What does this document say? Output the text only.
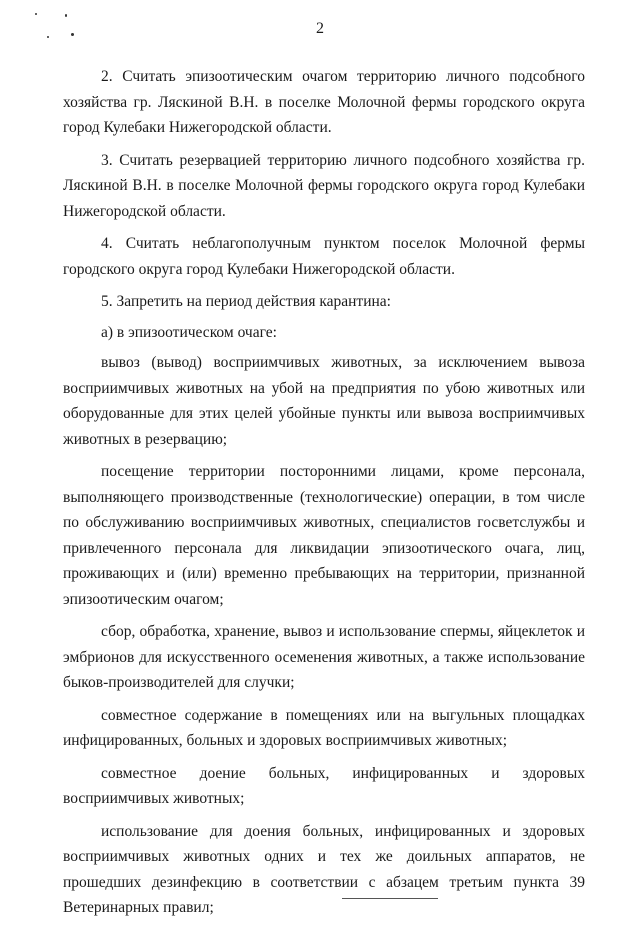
2

2. Считать эпизоотическим очагом территорию личного подсобного хозяйства гр. Ляскиной В.Н. в поселке Молочной фермы городского округа город Кулебаки Нижегородской области.

3. Считать резервацией территорию личного подсобного хозяйства гр. Ляскиной В.Н. в поселке Молочной фермы городского округа город Кулебаки Нижегородской области.

4. Считать неблагополучным пунктом поселок Молочной фермы городского округа город Кулебаки Нижегородской области.

5. Запретить на период действия карантина:

а) в эпизоотическом очаге:

вывоз (вывод) восприимчивых животных, за исключением вывоза восприимчивых животных на убой на предприятия по убою животных или оборудованные для этих целей убойные пункты или вывоза восприимчивых животных в резервацию;

посещение территории посторонними лицами, кроме персонала, выполняющего производственные (технологические) операции, в том числе по обслуживанию восприимчивых животных, специалистов госветслужбы и привлеченного персонала для ликвидации эпизоотического очага, лиц, проживающих и (или) временно пребывающих на территории, признанной эпизоотическим очагом;

сбор, обработка, хранение, вывоз и использование спермы, яйцеклеток и эмбрионов для искусственного осеменения животных, а также использование быков-производителей для случки;

совместное содержание в помещениях или на выгульных площадках инфицированных, больных и здоровых восприимчивых животных;

совместное доение больных, инфицированных и здоровых восприимчивых животных;

использование для доения больных, инфицированных и здоровых восприимчивых животных одних и тех же доильных аппаратов, не прошедших дезинфекцию в соответствии с абзацем третьим пункта 39 Ветеринарных правил;
